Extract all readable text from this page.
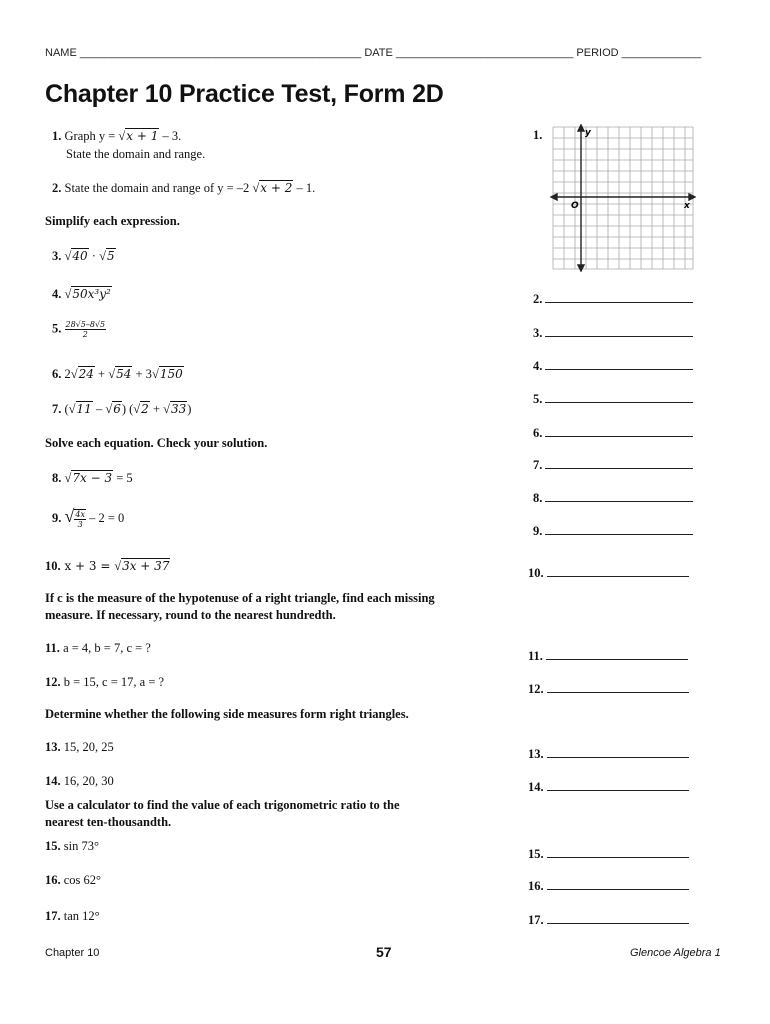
NAME ______________________________________________ DATE _____________________________ PERIOD _____________
Chapter 10 Practice Test, Form 2D
1. Graph y = √x + 1 – 3.
State the domain and range.
2. State the domain and range of y = –2 √x + 2 – 1.
Simplify each expression.
3. √40 · √5
4. √50x³y²
5. $\frac{28√5-8√5}{2}$
6. 2√24 + √54 + 3√150
7. (√11 – √6) (√2 + √33)
Solve each equation. Check your solution.
8. √7x − 3 = 5
9. √ $\frac{4x}{3} - 2 = 0$
10. x + 3 = √3x + 37
If c is the measure of the hypotenuse of a right triangle, find each missing
measure. If necessary, round to the nearest hundredth.
11. a = 4, b = 7, c = ?
12. b = 15, c = 17, a = ?
Determine whether the following side measures form right triangles.
13. 15, 20, 25
14. 16, 20, 30
Use a calculator to find the value of each trigonometric ratio to the
nearest ten-thousandth.
15. sin 73°
16. cos 62°
17. tan 12°
1.	y
x
O
2.
3.
4.
5.
6.
7.
8.
9.
10.
11.
12.
13.
14.
15.
16.
17.
Chapter 10	57	Glencoe Algebra 1
